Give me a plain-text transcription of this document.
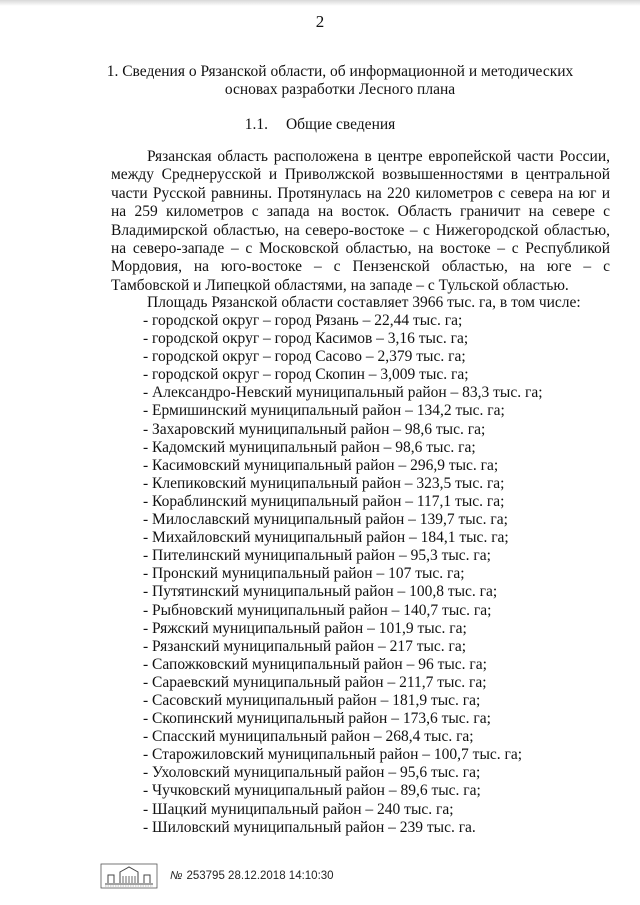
2
1. Сведения о Рязанской области, об информационной и методических основах разработки Лесного плана
1.1. Общие сведения

Рязанская область расположена в центре европейской части России, между Среднерусской и Приволжской возвышенностями в центральной части Русской равнины. Протянулась на 220 километров с севера на юг и на 259 километров с запада на восток. Область граничит на севере с Владимирской областью, на северо-востоке – с Нижегородской областью, на северо-западе – с Московской областью, на востоке – с Республикой Мордовия, на юго-востоке – с Пензенской областью, на юге – с Тамбовской и Липецкой областями, на западе – с Тульской областью.

Площадь Рязанской области составляет 3966 тыс. га, в том числе:
- городской округ – город Рязань – 22,44 тыс. га;
- городской округ – город Касимов – 3,16 тыс. га;
- городской округ – город Сасово – 2,379 тыс. га;
- городской округ – город Скопин – 3,009 тыс. га;
- Александро-Невский муниципальный район – 83,3 тыс. га;
- Ермишинский муниципальный район – 134,2 тыс. га;
- Захаровский муниципальный район – 98,6 тыс. га;
- Кадомский муниципальный район – 98,6 тыс. га;
- Касимовский муниципальный район – 296,9 тыс. га;
- Клепиковский муниципальный район – 323,5 тыс. га;
- Кораблинский муниципальный район – 117,1 тыс. га;
- Милославский муниципальный район – 139,7 тыс. га;
- Михайловский муниципальный район – 184,1 тыс. га;
- Пителинский муниципальный район – 95,3 тыс. га;
- Пронский муниципальный район – 107 тыс. га;
- Путятинский муниципальный район – 100,8 тыс. га;
- Рыбновский муниципальный район – 140,7 тыс. га;
- Ряжский муниципальный район – 101,9 тыс. га;
- Рязанский муниципальный район – 217 тыс. га;
- Сапожковский муниципальный район – 96 тыс. га;
- Сараевский муниципальный район – 211,7 тыс. га;
- Сасовский муниципальный район – 181,9 тыс. га;
- Скопинский муниципальный район – 173,6 тыс. га;
- Спасский муниципальный район – 268,4 тыс. га;
- Старожиловский муниципальный район – 100,7 тыс. га;
- Ухоловский муниципальный район – 95,6 тыс. га;
- Чучковский муниципальный район – 89,6 тыс. га;
- Шацкий муниципальный район – 240 тыс. га;
- Шиловский муниципальный район – 239 тыс. га.
№ 253795
28.12.2018 14:10:30
